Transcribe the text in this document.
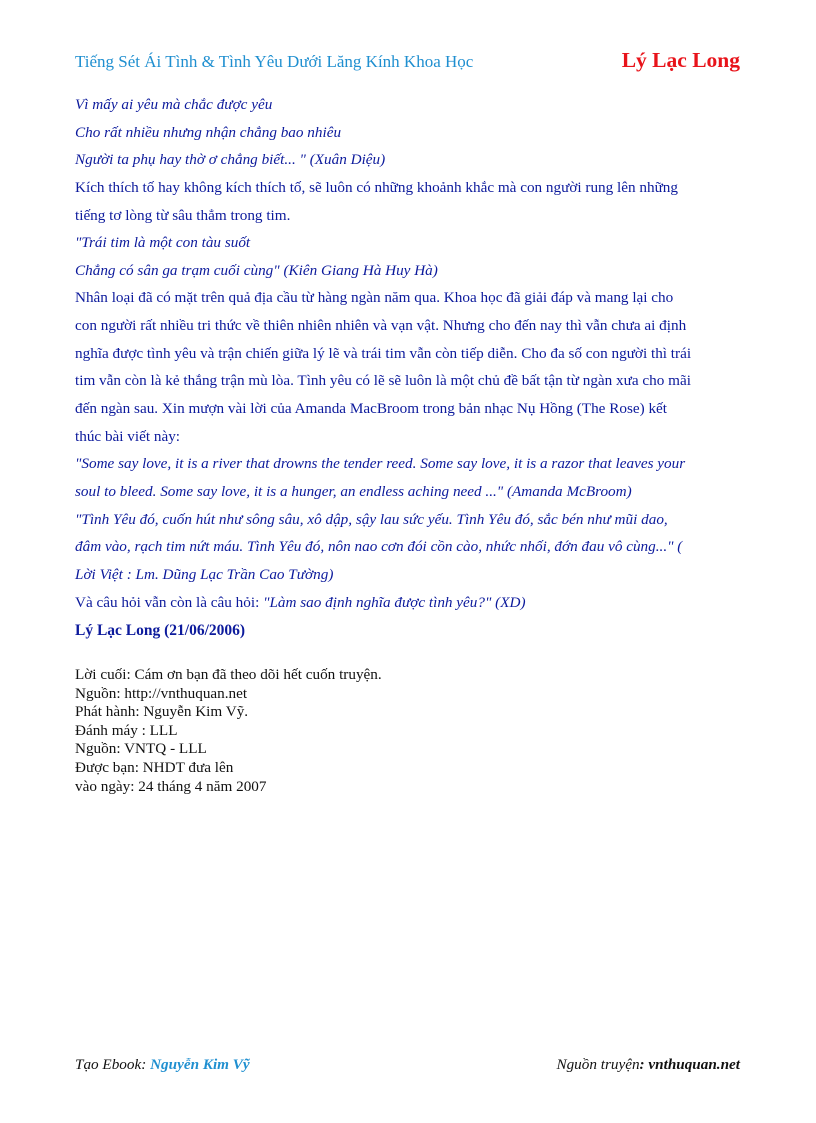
Tiếng Sét Ái Tình & Tình Yêu Dưới Lăng Kính Khoa Học	Lý Lạc Long
Vì mấy ai yêu mà chắc được yêu
Cho rất nhiều nhưng nhận chẳng bao nhiêu
Người ta phụ hay thờ ơ chẳng biết... " (Xuân Diệu)
Kích thích tố hay không kích thích tố, sẽ luôn có những khoảnh khắc mà con người rung lên những
tiếng tơ lòng từ sâu thẳm trong tim.
"Trái tim là một con tàu suốt
Chẳng có sân ga trạm cuối cùng" (Kiên Giang Hà Huy Hà)
Nhân loại đã có mặt trên quả địa cầu từ hàng ngàn năm qua. Khoa học đã giải đáp và mang lại cho
con người rất nhiều tri thức về thiên nhiên nhiên và vạn vật. Nhưng cho đến nay thì vẫn chưa ai định
nghĩa được tình yêu và trận chiến giữa lý lẽ và trái tim vẫn còn tiếp diễn. Cho đa số con người thì trái
tim vẫn còn là kẻ thắng trận mù lòa. Tình yêu có lẽ sẽ luôn là một chủ đề bất tận từ ngàn xưa cho mãi
đến ngàn sau. Xin mượn vài lời của Amanda MacBroom trong bản nhạc Nụ Hồng (The Rose) kết
thúc bài viết này:
"Some say love, it is a river that drowns the tender reed. Some say love, it is a razor that leaves your
soul to bleed. Some say love, it is a hunger, an endless aching need ..." (Amanda McBroom)
"Tình Yêu đó, cuốn hút như sông sâu, xô dập, sậy lau sức yếu. Tình Yêu đó, sắc bén như mũi dao,
đâm vào, rạch tim nứt máu. Tình Yêu đó, nôn nao cơn đói cồn cào, nhức nhối, đớn đau vô cùng..." (
Lời Việt : Lm. Dũng Lạc Trần Cao Tường)
Và câu hỏi vẫn còn là câu hỏi: "Làm sao định nghĩa được tình yêu?" (XD)
Lý Lạc Long (21/06/2006)
Lời cuối: Cám ơn bạn đã theo dõi hết cuốn truyện.
Nguồn: http://vnthuquan.net
Phát hành: Nguyễn Kim Vỹ.
Đánh máy : LLL
Nguồn: VNTQ - LLL
Được bạn: NHDT đưa lên
vào ngày: 24 tháng 4 năm 2007
Tạo Ebook: Nguyễn Kim Vỹ	Nguồn truyện: vnthuquan.net
